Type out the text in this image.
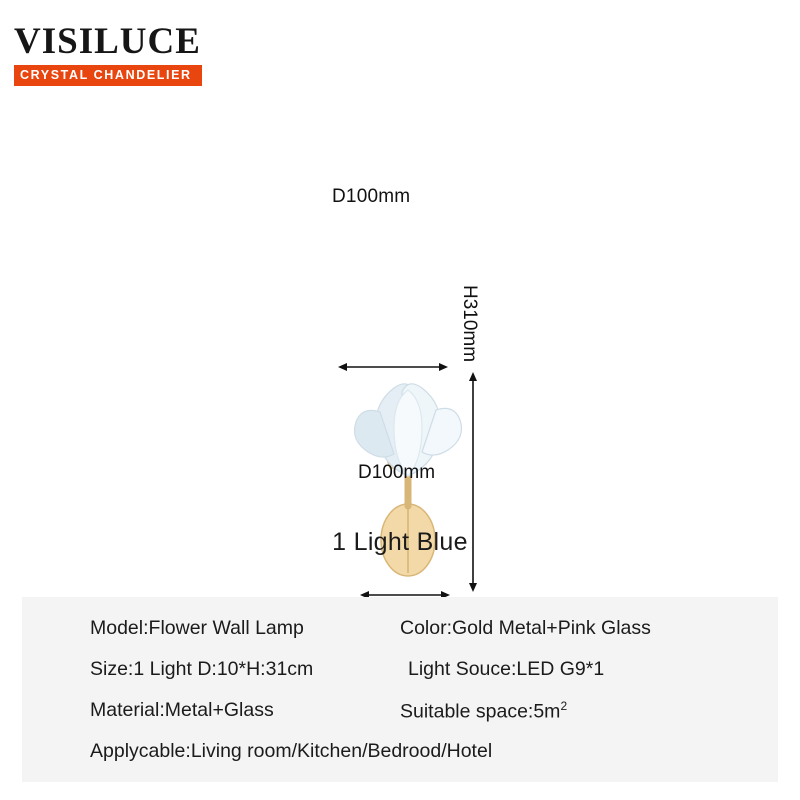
VISILUCE
CRYSTAL CHANDELIER
D100mm
D100mm
H310mm
1 Light Blue
Model:Flower Wall Lamp	Color:Gold Metal+Pink Glass
Size:1 Light D:10*H:31cm	Light Souce:LED G9*1
Material:Metal+Glass	Suitable $space:5m^2$
Applycable:Living room/Kitchen/Bedrood/Hotel
